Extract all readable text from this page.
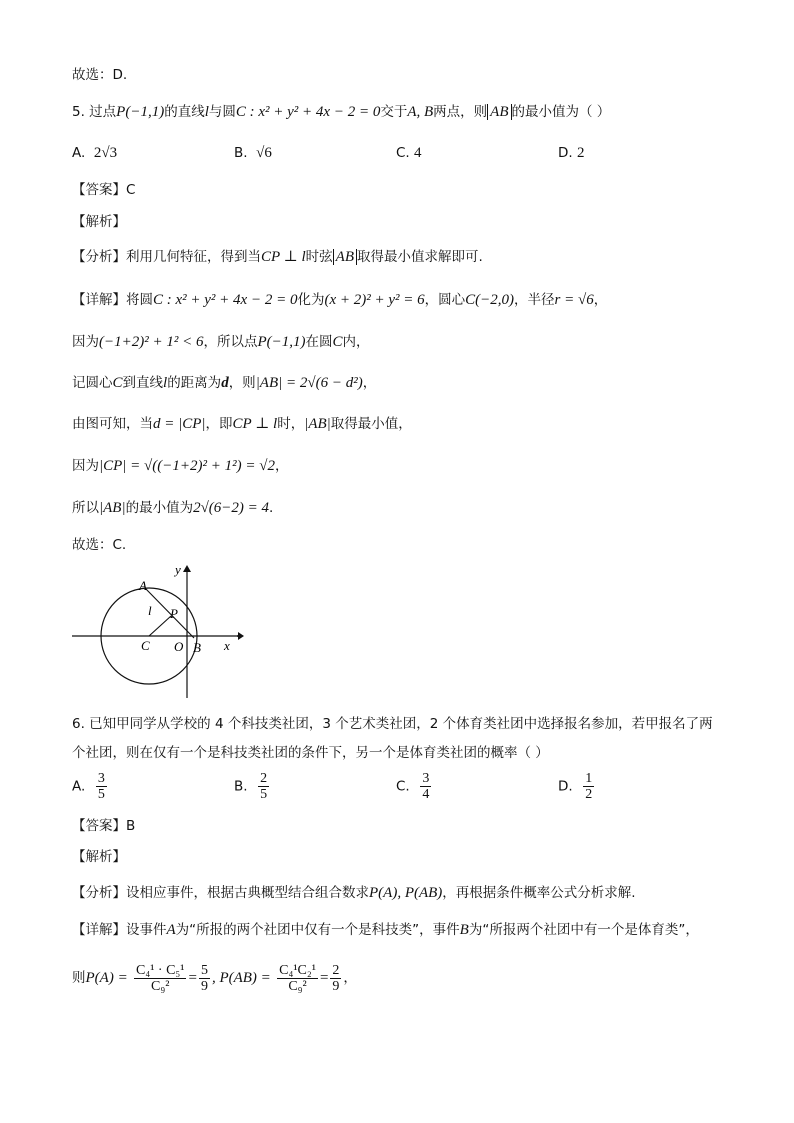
故选：D.
5. 过点P(−1,1)的直线l与圆C : x² + y² + 4x − 2 = 0交于A, B两点，则 AB 的最小值为（ ）
A. 2√3	B. √6	C. 4	D. 2
【答案】C
【解析】
【分析】利用几何特征，得到当CP ⊥ l时弦 AB 取得最小值求解即可.
【详解】将圆C : x² + y² + 4x − 2 = 0化为(x + 2)² + y² = 6，圆心C(−2,0)，半径r = √6，
因为(−1+2)² + 1² < 6，所以点P(−1,1)在圆C内，
记圆心C到直线l的距离为d，则|AB| = 2√(6 − d²)，
由图可知，当d = |CP|，即CP ⊥ l时，|AB|取得最小值，
因为|CP| = √((−1+2)² + 1²) = √2，
所以|AB|的最小值为2√(6−2) = 4.
故选：C.
A
l P
C O B x
y
6. 已知甲同学从学校的 4 个科技类社团，3 个艺术类社团，2 个体育类社团中选择报名参加，若甲报名了两
个社团，则在仅有一个是科技类社团的条件下，另一个是体育类社团的概率（ ）
A. $\frac{3}{5}$	B. $\frac{2}{5}$	C. $\frac{3}{4}$	D. $\frac{1}{2}$
【答案】B
【解析】
【分析】设相应事件，根据古典概型结合组合数求P(A), P(AB)，再根据条件概率公式分析求解.
【详解】设事件A为“所报的两个社团中仅有一个是科技类”，事件B为“所报两个社团中有一个是体育类”，
则$P(A) = \frac{\text{C₄¹ · C₅¹}}{\text{C₉²}} = \frac{5}{9}$ , $P(AB) = \frac{\text{C₄¹C₂¹}}{\text{C₉²}} = \frac{2}{9}$ ，
